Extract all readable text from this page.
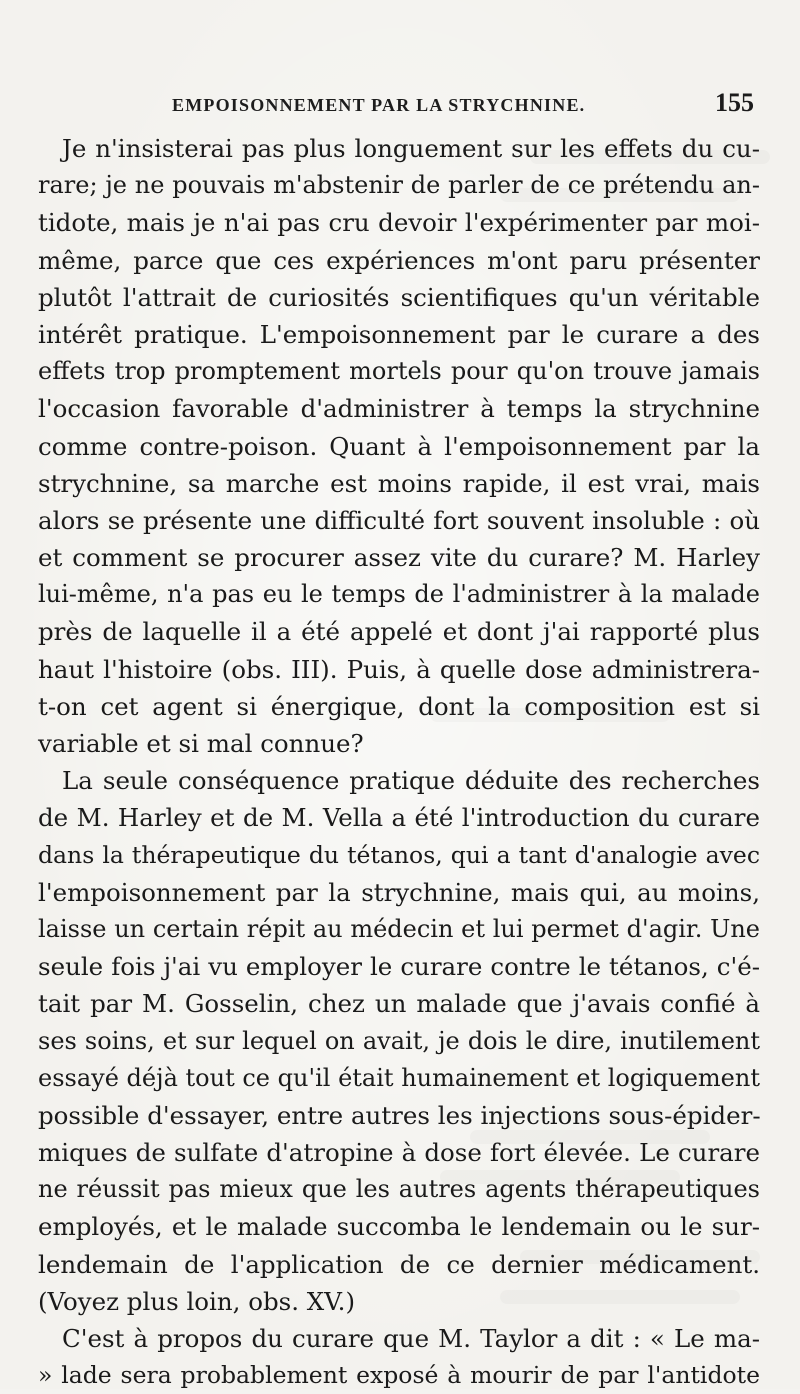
EMPOISONNEMENT PAR LA STRYCHNINE.	155
Je n'insisterai pas plus longuement sur les effets du cu-
rare; je ne pouvais m'abstenir de parler de ce prétendu an-
tidote, mais je n'ai pas cru devoir l'expérimenter par moi-
même, parce que ces expériences m'ont paru présenter
plutôt l'attrait de curiosités scientifiques qu'un véritable
intérêt pratique. L'empoisonnement par le curare a des
effets trop promptement mortels pour qu'on trouve jamais
l'occasion favorable d'administrer à temps la strychnine
comme contre-poison. Quant à l'empoisonnement par la
strychnine, sa marche est moins rapide, il est vrai, mais
alors se présente une difficulté fort souvent insoluble : où
et comment se procurer assez vite du curare? M. Harley
lui-même, n'a pas eu le temps de l'administrer à la malade
près de laquelle il a été appelé et dont j'ai rapporté plus
haut l'histoire (obs. III). Puis, à quelle dose administrera-
t-on cet agent si énergique, dont la composition est si
variable et si mal connue?
La seule conséquence pratique déduite des recherches
de M. Harley et de M. Vella a été l'introduction du curare
dans la thérapeutique du tétanos, qui a tant d'analogie avec
l'empoisonnement par la strychnine, mais qui, au moins,
laisse un certain répit au médecin et lui permet d'agir. Une
seule fois j'ai vu employer le curare contre le tétanos, c'é-
tait par M. Gosselin, chez un malade que j'avais confié à
ses soins, et sur lequel on avait, je dois le dire, inutilement
essayé déjà tout ce qu'il était humainement et logiquement
possible d'essayer, entre autres les injections sous-épider-
miques de sulfate d'atropine à dose fort élevée. Le curare
ne réussit pas mieux que les autres agents thérapeutiques
employés, et le malade succomba le lendemain ou le sur-
lendemain de l'application de ce dernier médicament.
(Voyez plus loin, obs. XV.)
C'est à propos du curare que M. Taylor a dit : « Le ma-
» lade sera probablement exposé à mourir de par l'antidote
